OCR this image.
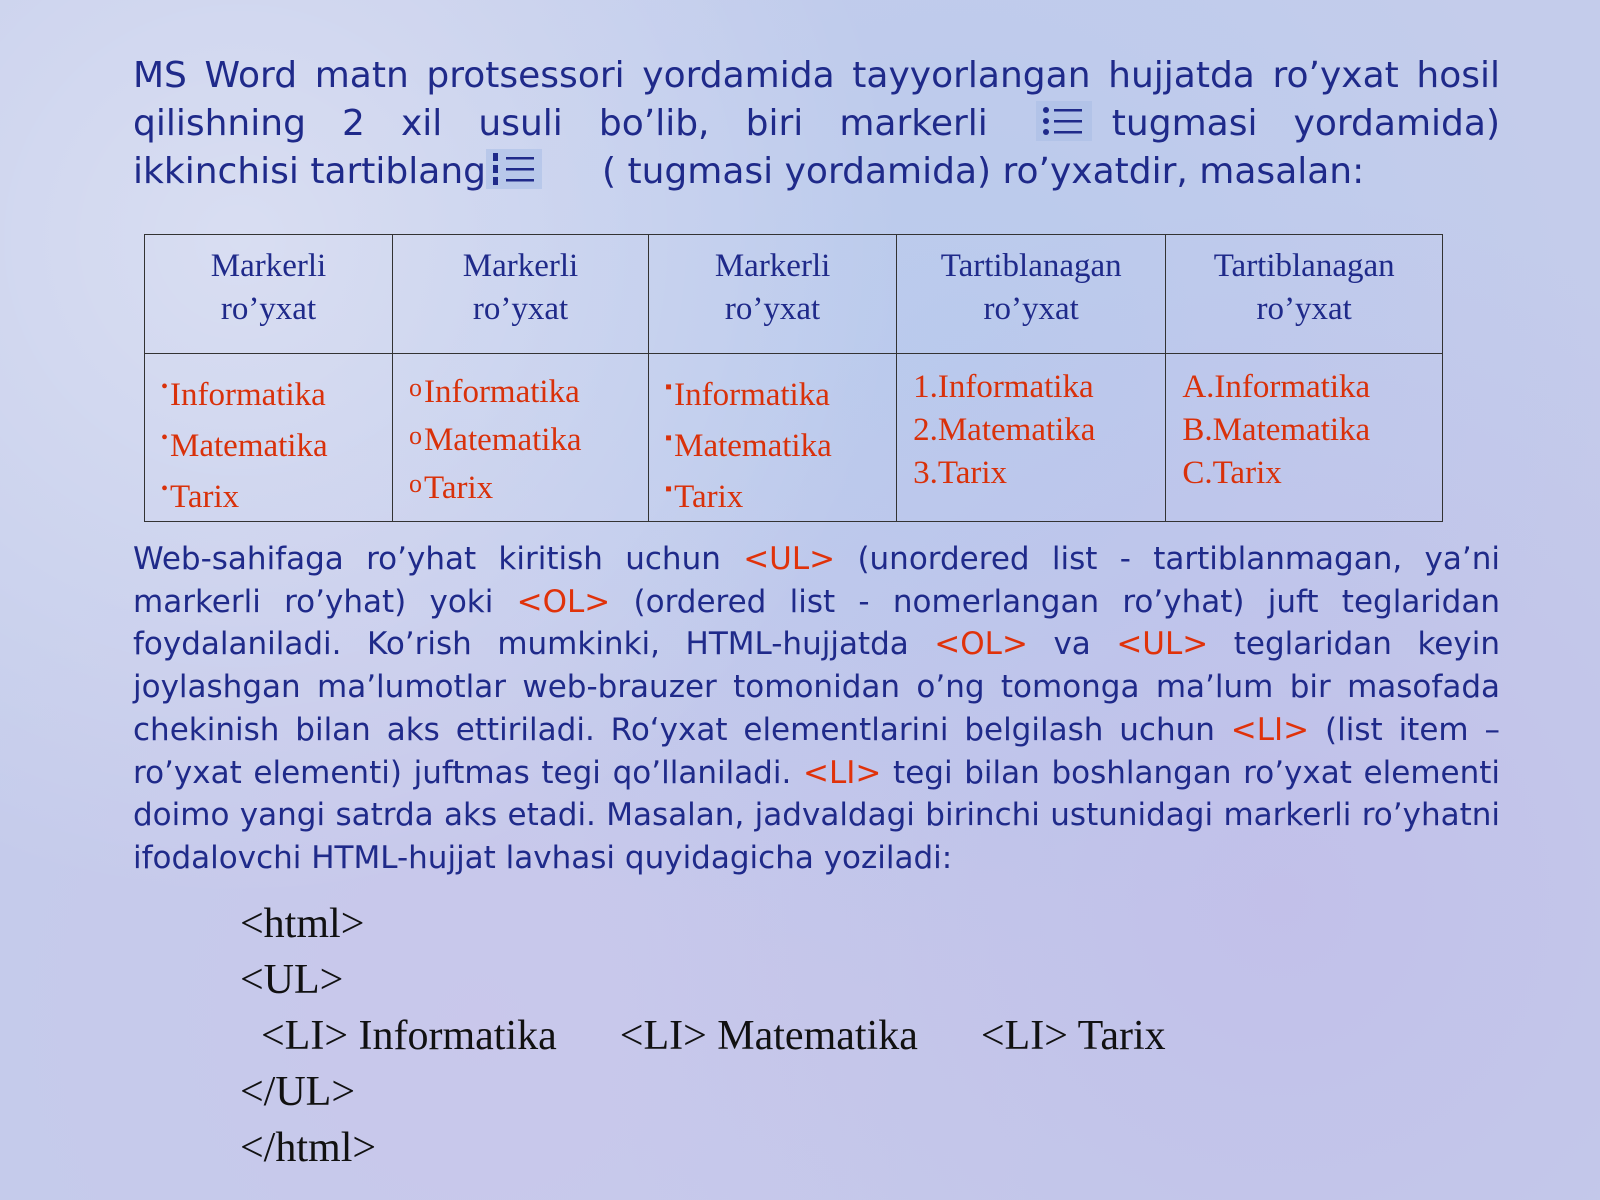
MS Word matn protsessori yordamida tayyorlangan hujjatda ro’yxat hosil qilishning 2 xil usuli bo’lib, biri markerli	tugmasi yordamida) ikkinchisi tartiblang	( tugmasi yordamida) ro’yxatdir, masalan:

Markerli
ro’yxat	Markerli
ro’yxat	Markerli
ro’yxat	Tartiblanagan
ro’yxat	Tartiblanagan
ro’yxat

•Informatika
•Matematika
•Tarix	oInformatika
oMatematika
oTarix	▪Informatika
▪Matematika
▪Tarix	1.Informatika
2.Matematika
3.Tarix	A.Informatika
B.Matematika
C.Tarix

Web-sahifaga ro’yhat kiritish uchun <UL> (unordered list - tartiblanmagan, ya’ni markerli ro’yhat) yoki <OL> (ordered list - nomerlangan ro’yhat) juft teglaridan foydalaniladi. Ko’rish mumkinki, HTML-hujjatda <OL> va <UL> teglaridan keyin joylashgan ma’lumotlar web-brauzer tomonidan o’ng tomonga ma’lum bir masofada chekinish bilan aks ettiriladi. Ro‘yxat elementlarini belgilash uchun <LI> (list item – ro’yxat elementi) juftmas tegi qo’llaniladi. <LI> tegi bilan boshlangan ro’yxat elementi doimo yangi satrda aks etadi. Masalan, jadvaldagi birinchi ustunidagi markerli ro’yhatni ifodalovchi HTML-hujjat lavhasi quyidagicha yoziladi:

<html>
<UL>
<LI> Informatika      <LI> Matematika      <LI> Tarix
</UL>
</html>
